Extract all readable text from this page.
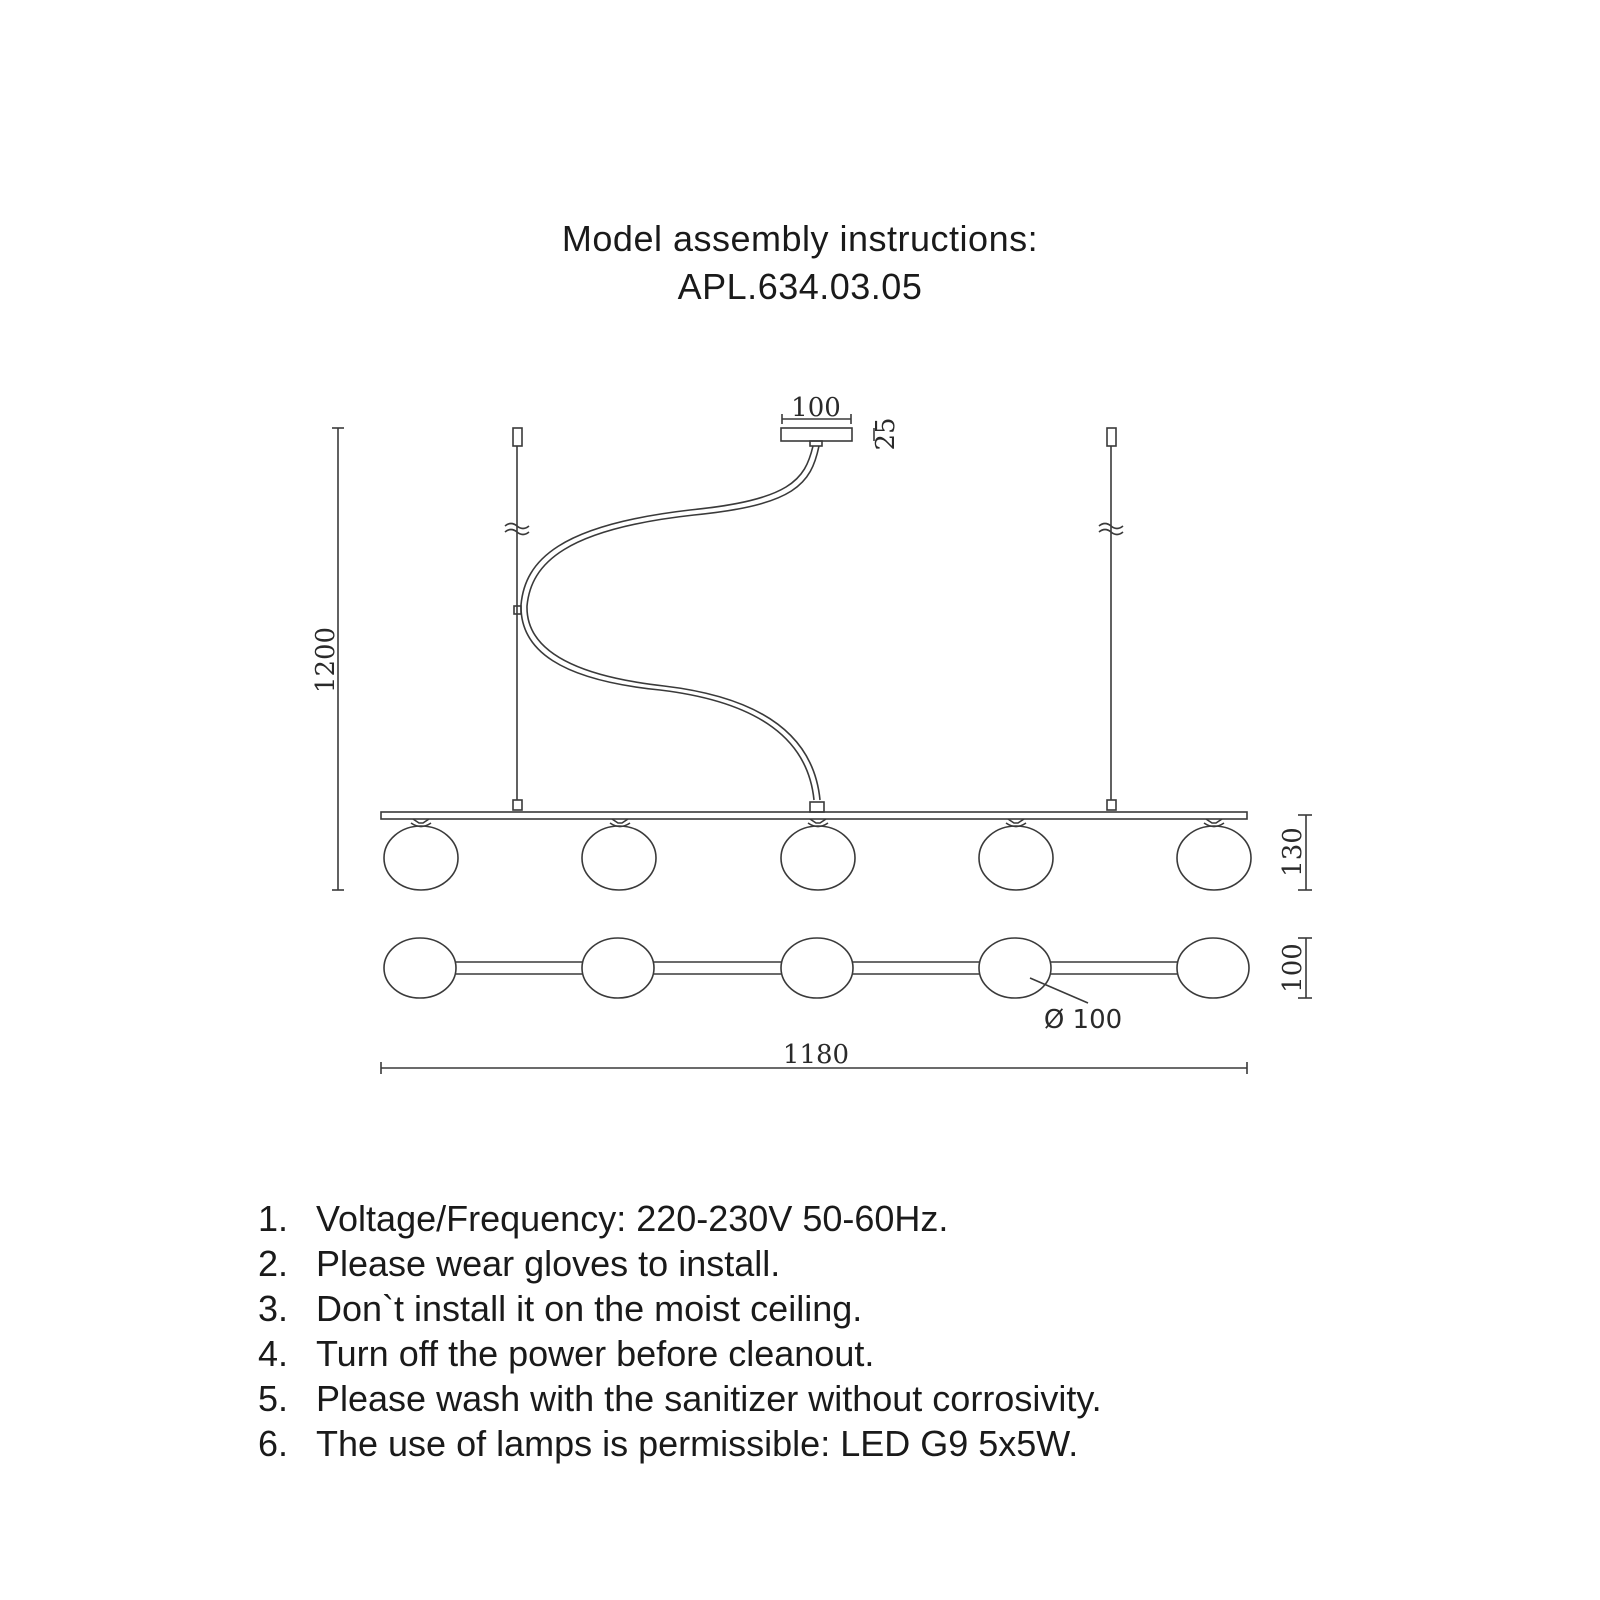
Model assembly instructions:
APL.634.03.05
100
25
1200
130
100
Ø 100
1180
1. Voltage/Frequency: 220-230V 50-60Hz.
2. Please wear gloves to install.
3. Don`t install it on the moist ceiling.
4. Turn off the power before cleanout.
5. Please wash with the sanitizer without corrosivity.
6. The use of lamps is permissible: LED G9 5x5W.
